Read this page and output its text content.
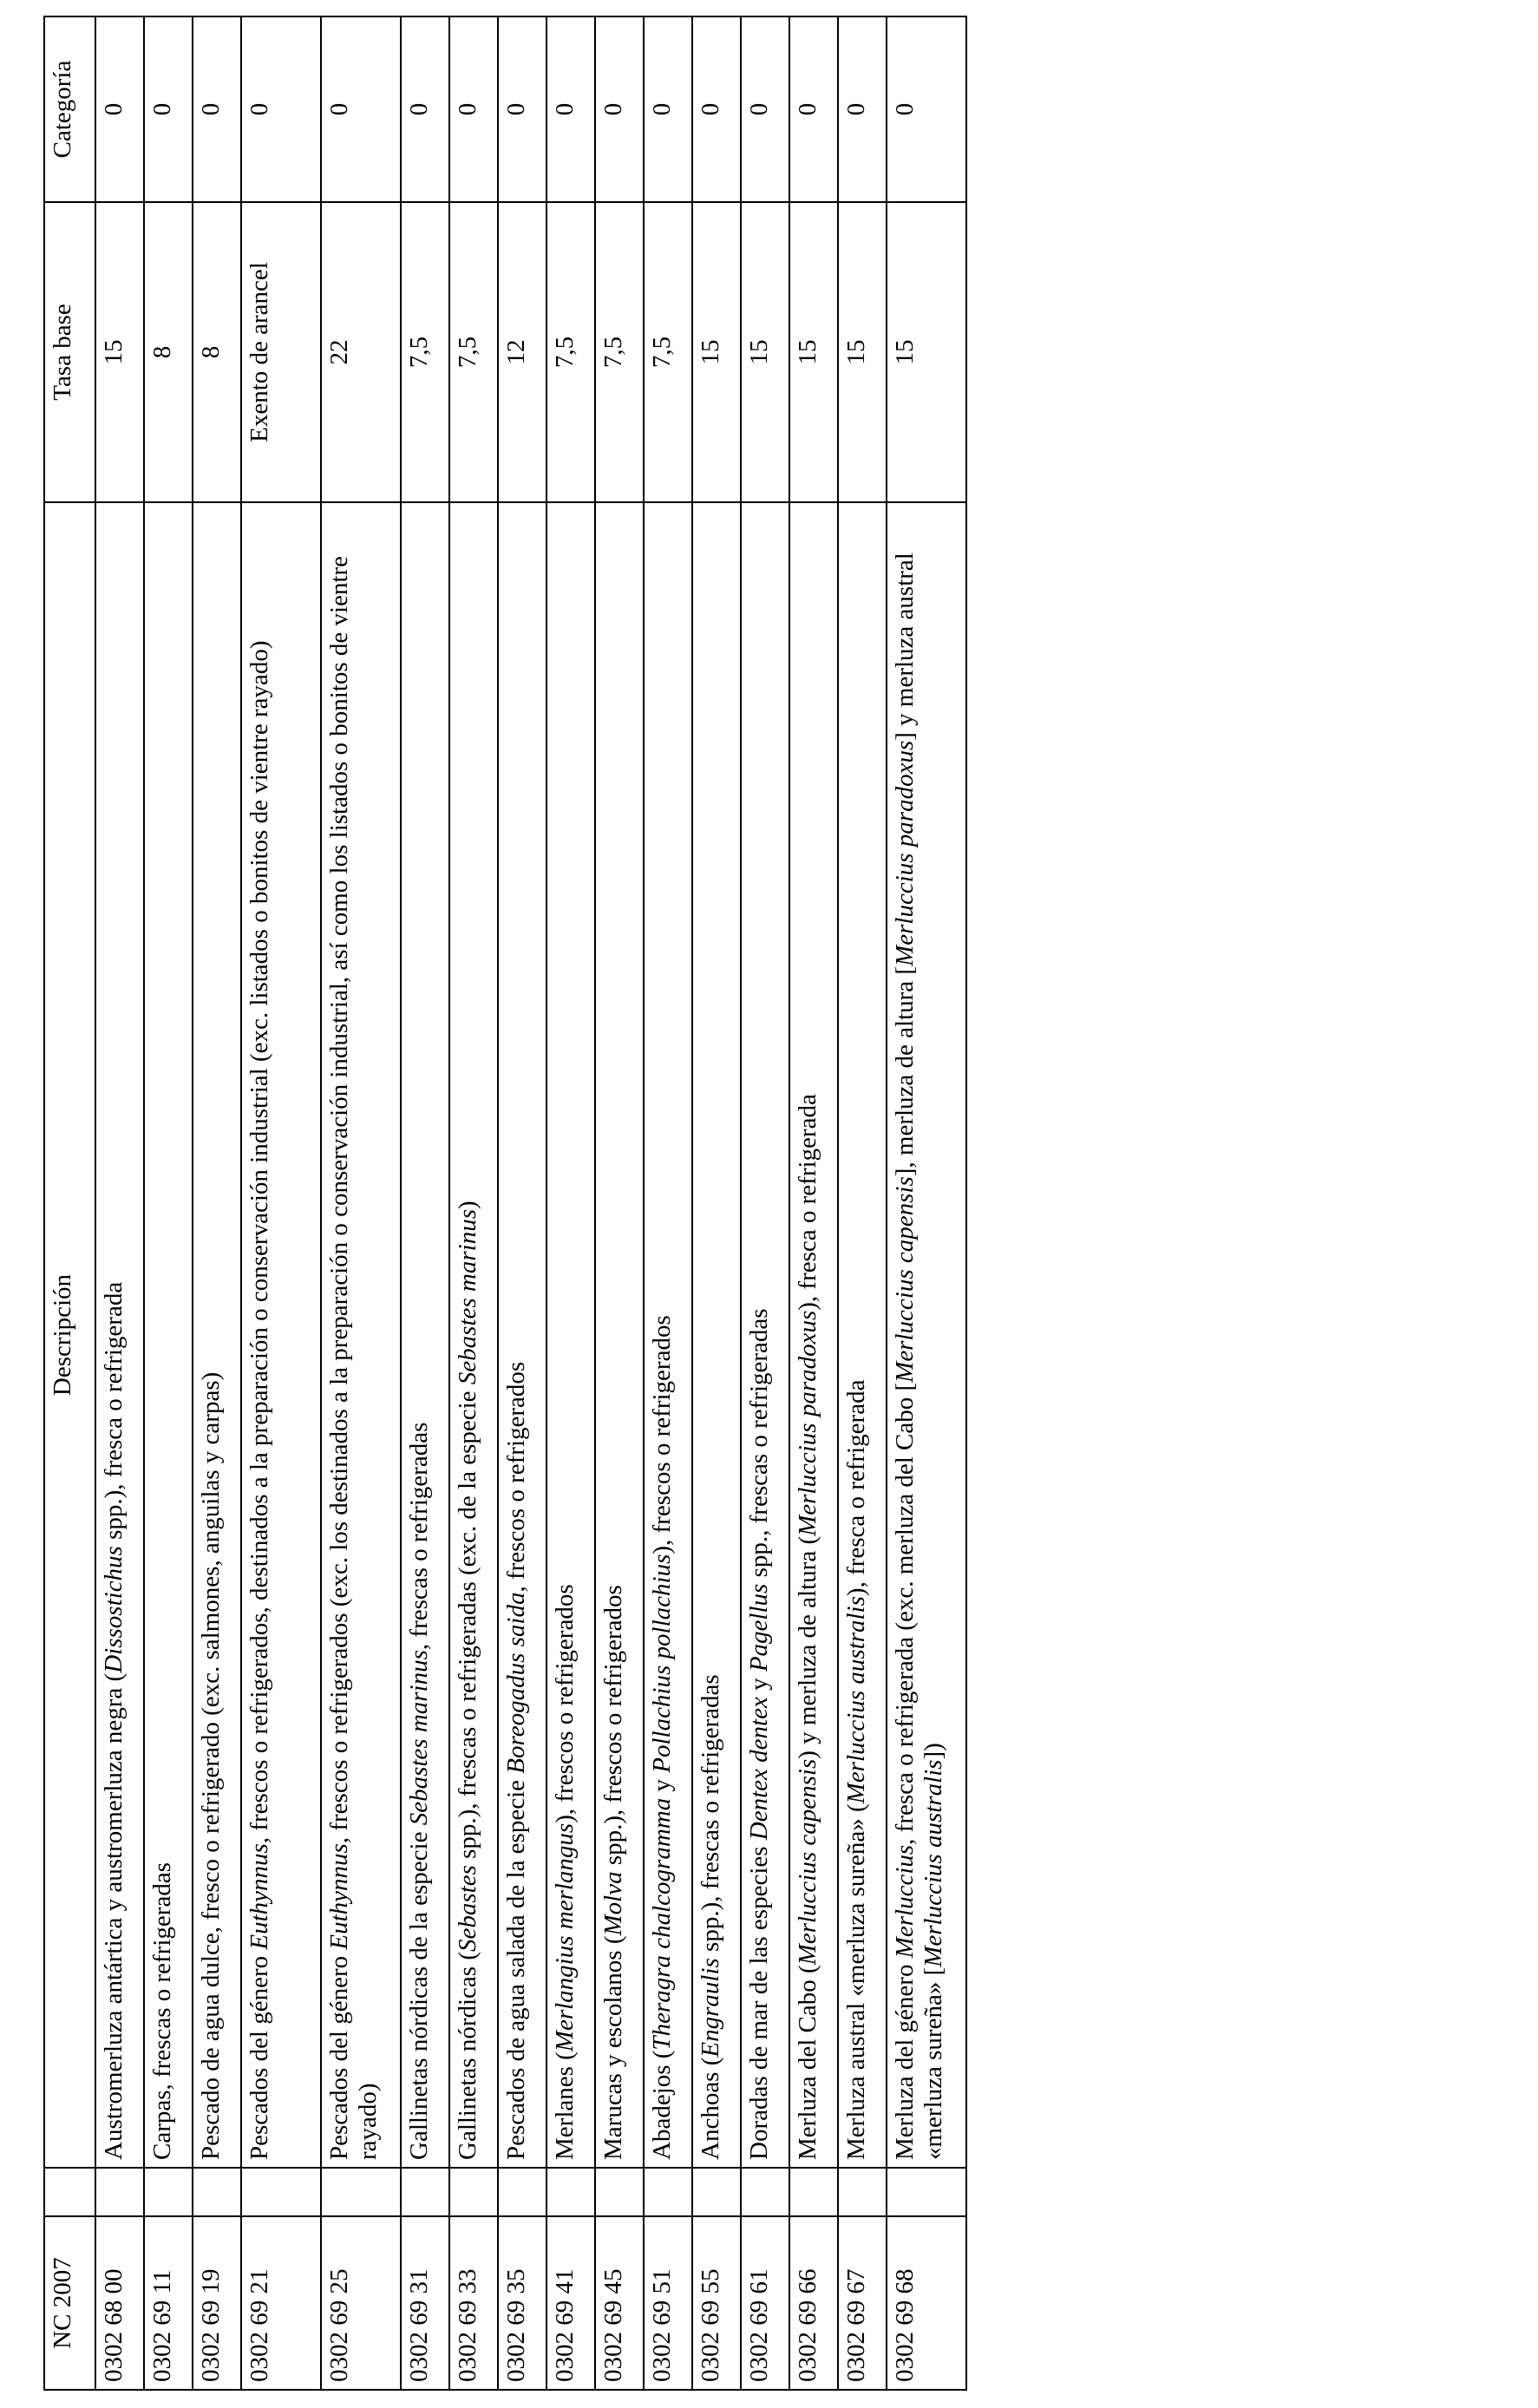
NC 2007		Descripción	Tasa base	Categoría
0302 68 00		Austromerluza antártica y austromerluza negra (Dissostichus spp.), fresca o refrigerada	15	0
0302 69 11		Carpas, frescas o refrigeradas	8	0
0302 69 19		Pescado de agua dulce, fresco o refrigerado (exc. salmones, anguilas y carpas)	8	0
0302 69 21		Pescados del género Euthynnus, frescos o refrigerados, destinados a la preparación o conservación industrial (exc. listados o bonitos de vientre rayado)	Exento de arancel	0
0302 69 25		Pescados del género Euthynnus, frescos o refrigerados (exc. los destinados a la preparación o conservación industrial, así como los listados o bonitos de vientre rayado)	22	0
0302 69 31		Gallinetas nórdicas de la especie Sebastes marinus, frescas o refrigeradas	7,5	0
0302 69 33		Gallinetas nórdicas (Sebastes spp.), frescas o refrigeradas (exc. de la especie Sebastes marinus)	7,5	0
0302 69 35		Pescados de agua salada de la especie Boreogadus saida, frescos o refrigerados	12	0
0302 69 41		Merlanes (Merlangius merlangus), frescos o refrigerados	7,5	0
0302 69 45		Marucas y escolanos (Molva spp.), frescos o refrigerados	7,5	0
0302 69 51		Abadejos (Theragra chalcogramma y Pollachius pollachius), frescos o refrigerados	7,5	0
0302 69 55		Anchoas (Engraulis spp.), frescas o refrigeradas	15	0
0302 69 61		Doradas de mar de las especies Dentex dentex y Pagellus spp., frescas o refrigeradas	15	0
0302 69 66		Merluza del Cabo (Merluccius capensis) y merluza de altura (Merluccius paradoxus), fresca o refrigerada	15	0
0302 69 67		Merluza austral «merluza sureña» (Merluccius australis), fresca o refrigerada	15	0
0302 69 68		Merluza del género Merluccius, fresca o refrigerada (exc. merluza del Cabo [Merluccius capensis], merluza de altura [Merluccius paradoxus] y merluza austral «merluza sureña» [Merluccius australis])	15	0
